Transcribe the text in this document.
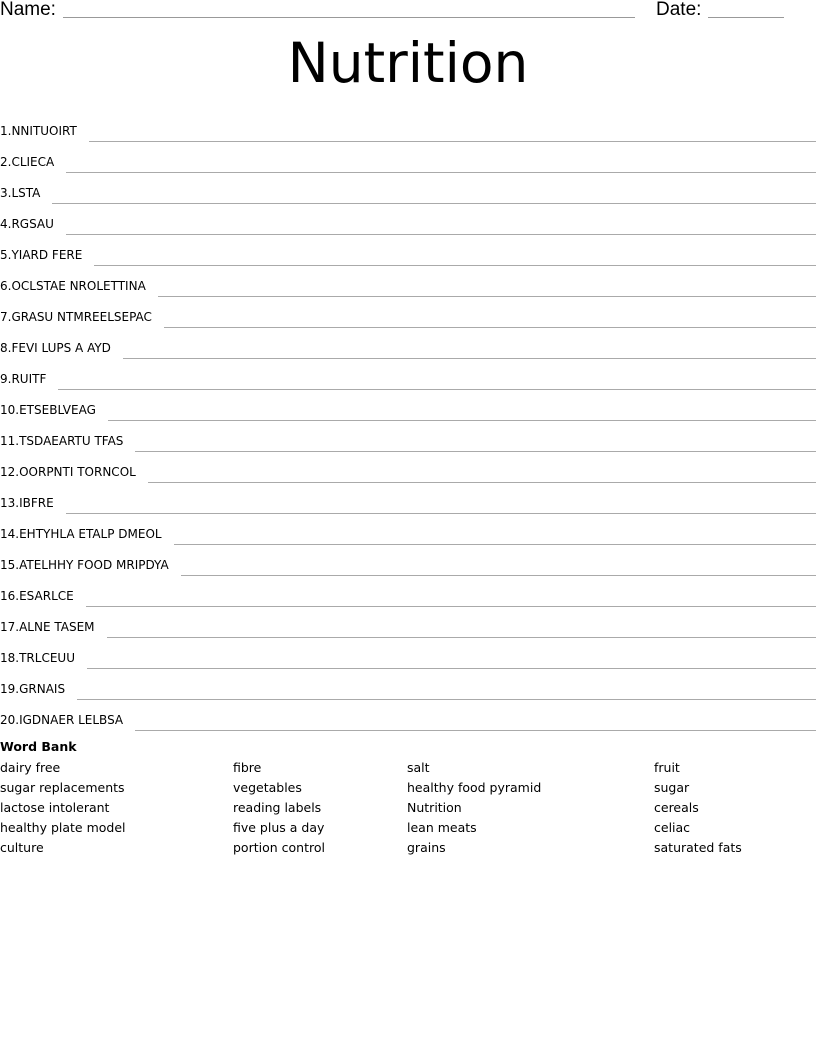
Name:	Date:
Nutrition
1. NNITUOIRT
2. CLIECA
3. LSTA
4. RGSAU
5. YIARD FERE
6. OCLSTAE NROLETTINA
7. GRASU NTMREELSEPAC
8. FEVI LUPS A AYD
9. RUITF
10. ETSEBLVEAG
11. TSDAEARTU TFAS
12. OORPNTI TORNCOL
13. IBFRE
14. EHTYHLA ETALP DMEOL
15. ATELHHY FOOD MRIPDYA
16. ESARLCE
17. ALNE TASEM
18. TRLCEUU
19. GRNAIS
20. IGDNAER LELBSA
Word Bank
dairy free
sugar replacements
lactose intolerant
healthy plate model
culture
fibre
vegetables
reading labels
five plus a day
portion control
salt
healthy food pyramid
Nutrition
lean meats
grains
fruit
sugar
cereals
celiac
saturated fats
